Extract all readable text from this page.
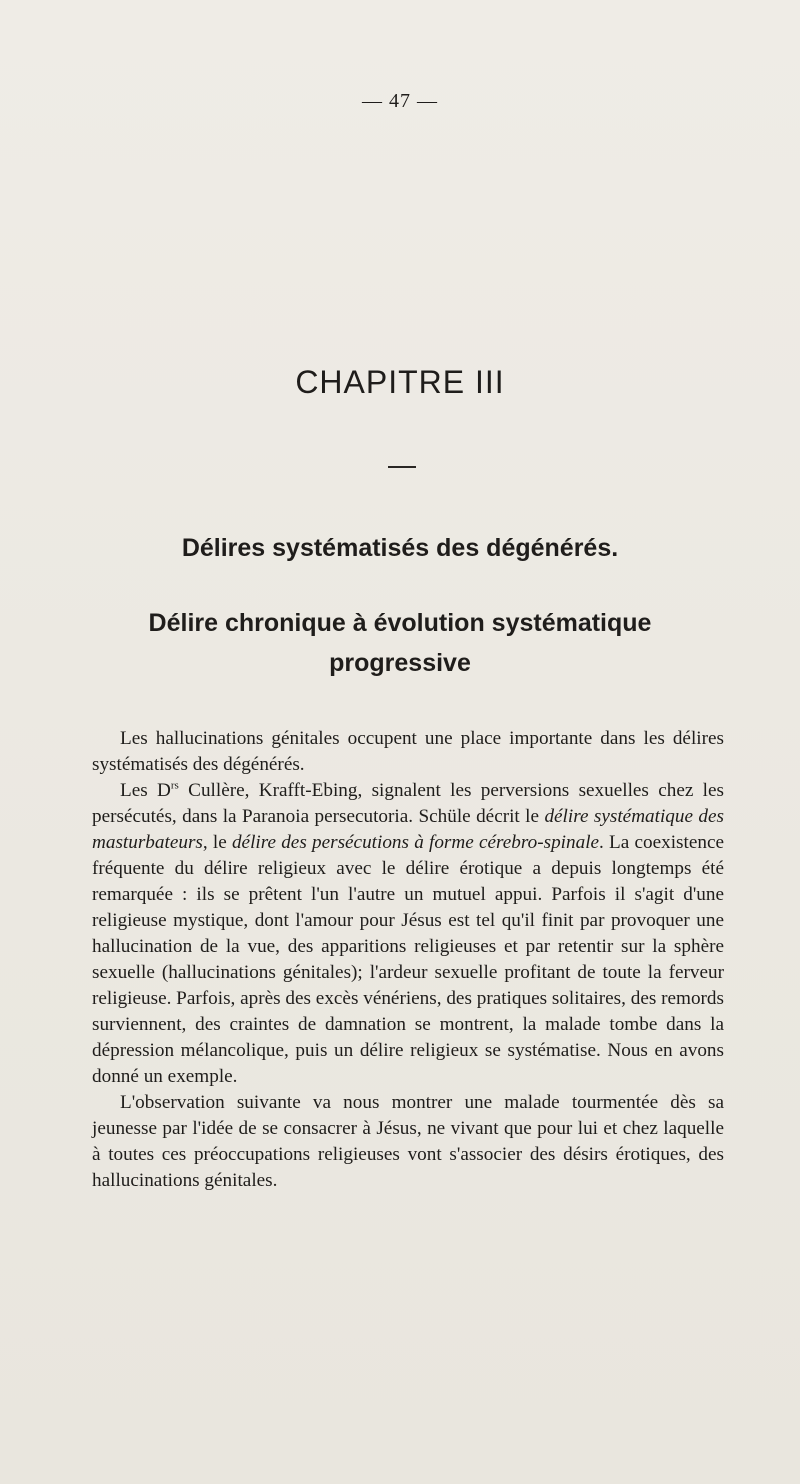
— 47 —
CHAPITRE III
Délires systématisés des dégénérés.
Délire chronique à évolution systématique
progressive

Les hallucinations génitales occupent une place importante dans les délires systématisés des dégénérés.

Les $D^{rs}$ Cullère, Krafft-Ebing, signalent les perversions sexuelles chez les persécutés, dans la Paranoia persecutoria. Schüle décrit le délire systématique des masturbateurs, le délire des persécutions à forme cérebro-spinale. La coexistence fréquente du délire religieux avec le délire érotique a depuis longtemps été remarquée : ils se prêtent l'un l'autre un mutuel appui. Parfois il s'agit d'une religieuse mystique, dont l'amour pour Jésus est tel qu'il finit par provoquer une hallucination de la vue, des apparitions religieuses et par retentir sur la sphère sexuelle (hallucinations génitales); l'ardeur sexuelle profitant de toute la ferveur religieuse. Parfois, après des excès vénériens, des pratiques solitaires, des remords surviennent, des craintes de damnation se montrent, la malade tombe dans la dépression mélancolique, puis un délire religieux se systématise. Nous en avons donné un exemple.

L'observation suivante va nous montrer une malade tourmentée dès sa jeunesse par l'idée de se consacrer à Jésus, ne vivant que pour lui et chez laquelle à toutes ces préoccupations religieuses vont s'associer des désirs érotiques, des hallucinations génitales.
